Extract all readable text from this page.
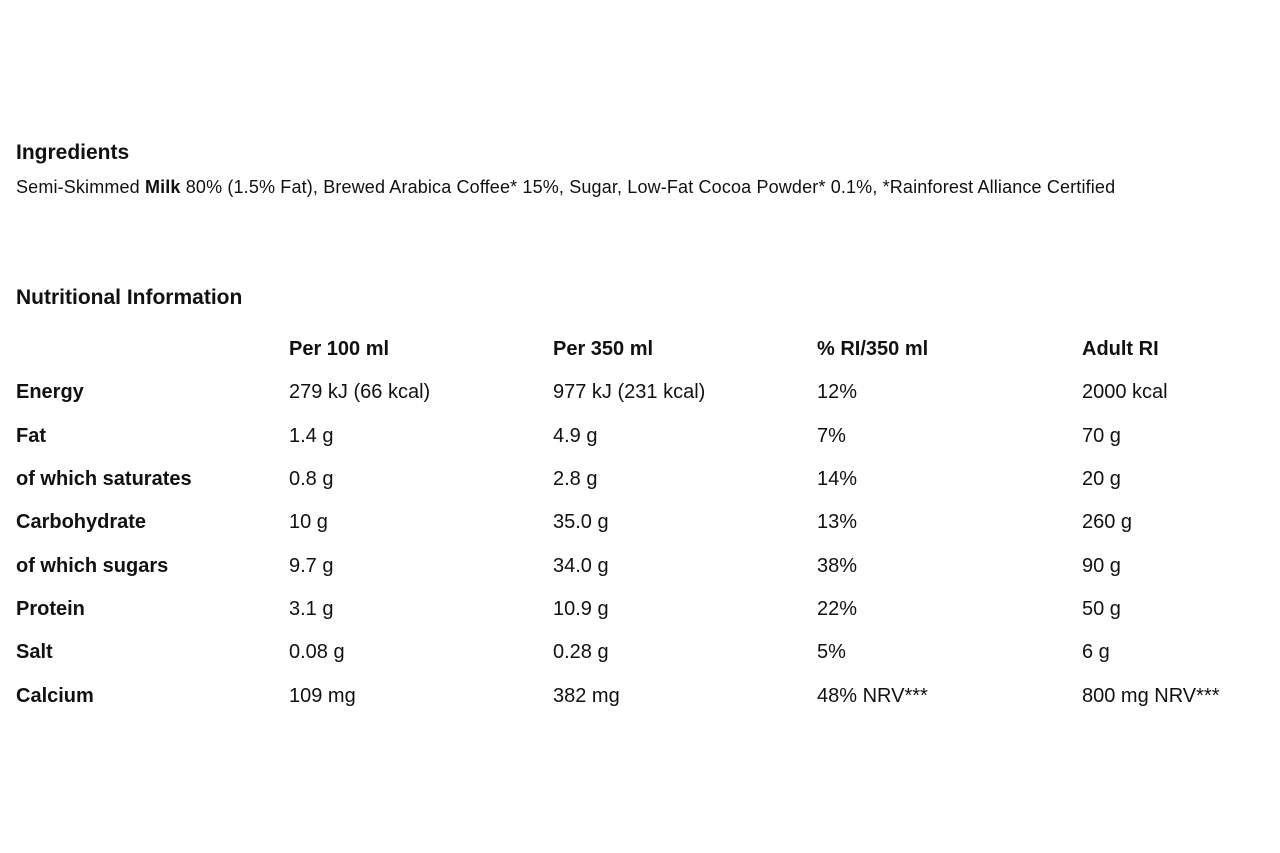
Ingredients

Semi-Skimmed Milk 80% (1.5% Fat), Brewed Arabica Coffee* 15%, Sugar, Low-Fat Cocoa Powder* 0.1%, *Rainforest Alliance Certified

Nutritional Information
	Per 100 ml	Per 350 ml	% RI/350 ml	Adult RI
Energy	279 kJ (66 kcal)	977 kJ (231 kcal)	12%	2000 kcal
Fat	1.4 g	4.9 g	7%	70 g
of which saturates	0.8 g	2.8 g	14%	20 g
Carbohydrate	10 g	35.0 g	13%	260 g
of which sugars	9.7 g	34.0 g	38%	90 g
Protein	3.1 g	10.9 g	22%	50 g
Salt	0.08 g	0.28 g	5%	6 g
Calcium	109 mg	382 mg	48% NRV***	800 mg NRV***
